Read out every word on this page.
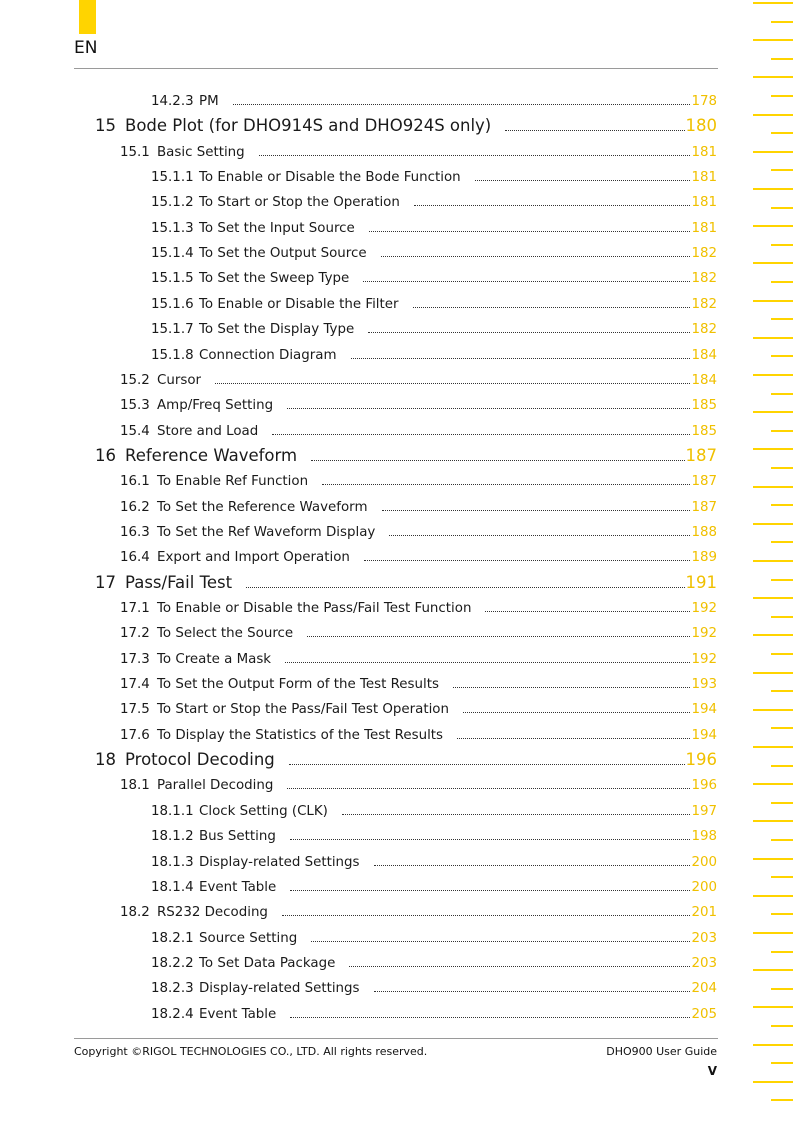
EN
14.2.3 PM	178
15 Bode Plot (for DHO914S and DHO924S only)	180
15.1 Basic Setting	181
15.1.1 To Enable or Disable the Bode Function	181
15.1.2 To Start or Stop the Operation	181
15.1.3 To Set the Input Source	181
15.1.4 To Set the Output Source	182
15.1.5 To Set the Sweep Type	182
15.1.6 To Enable or Disable the Filter	182
15.1.7 To Set the Display Type	182
15.1.8 Connection Diagram	184
15.2 Cursor	184
15.3 Amp/Freq Setting	185
15.4 Store and Load	185
16 Reference Waveform	187
16.1 To Enable Ref Function	187
16.2 To Set the Reference Waveform	187
16.3 To Set the Ref Waveform Display	188
16.4 Export and Import Operation	189
17 Pass/Fail Test	191
17.1 To Enable or Disable the Pass/Fail Test Function	192
17.2 To Select the Source	192
17.3 To Create a Mask	192
17.4 To Set the Output Form of the Test Results	193
17.5 To Start or Stop the Pass/Fail Test Operation	194
17.6 To Display the Statistics of the Test Results	194
18 Protocol Decoding	196
18.1 Parallel Decoding	196
18.1.1 Clock Setting (CLK)	197
18.1.2 Bus Setting	198
18.1.3 Display-related Settings	200
18.1.4 Event Table	200
18.2 RS232 Decoding	201
18.2.1 Source Setting	203
18.2.2 To Set Data Package	203
18.2.3 Display-related Settings	204
18.2.4 Event Table	205
Copyright ©RIGOL TECHNOLOGIES CO., LTD. All rights reserved.	DHO900 User Guide
V
